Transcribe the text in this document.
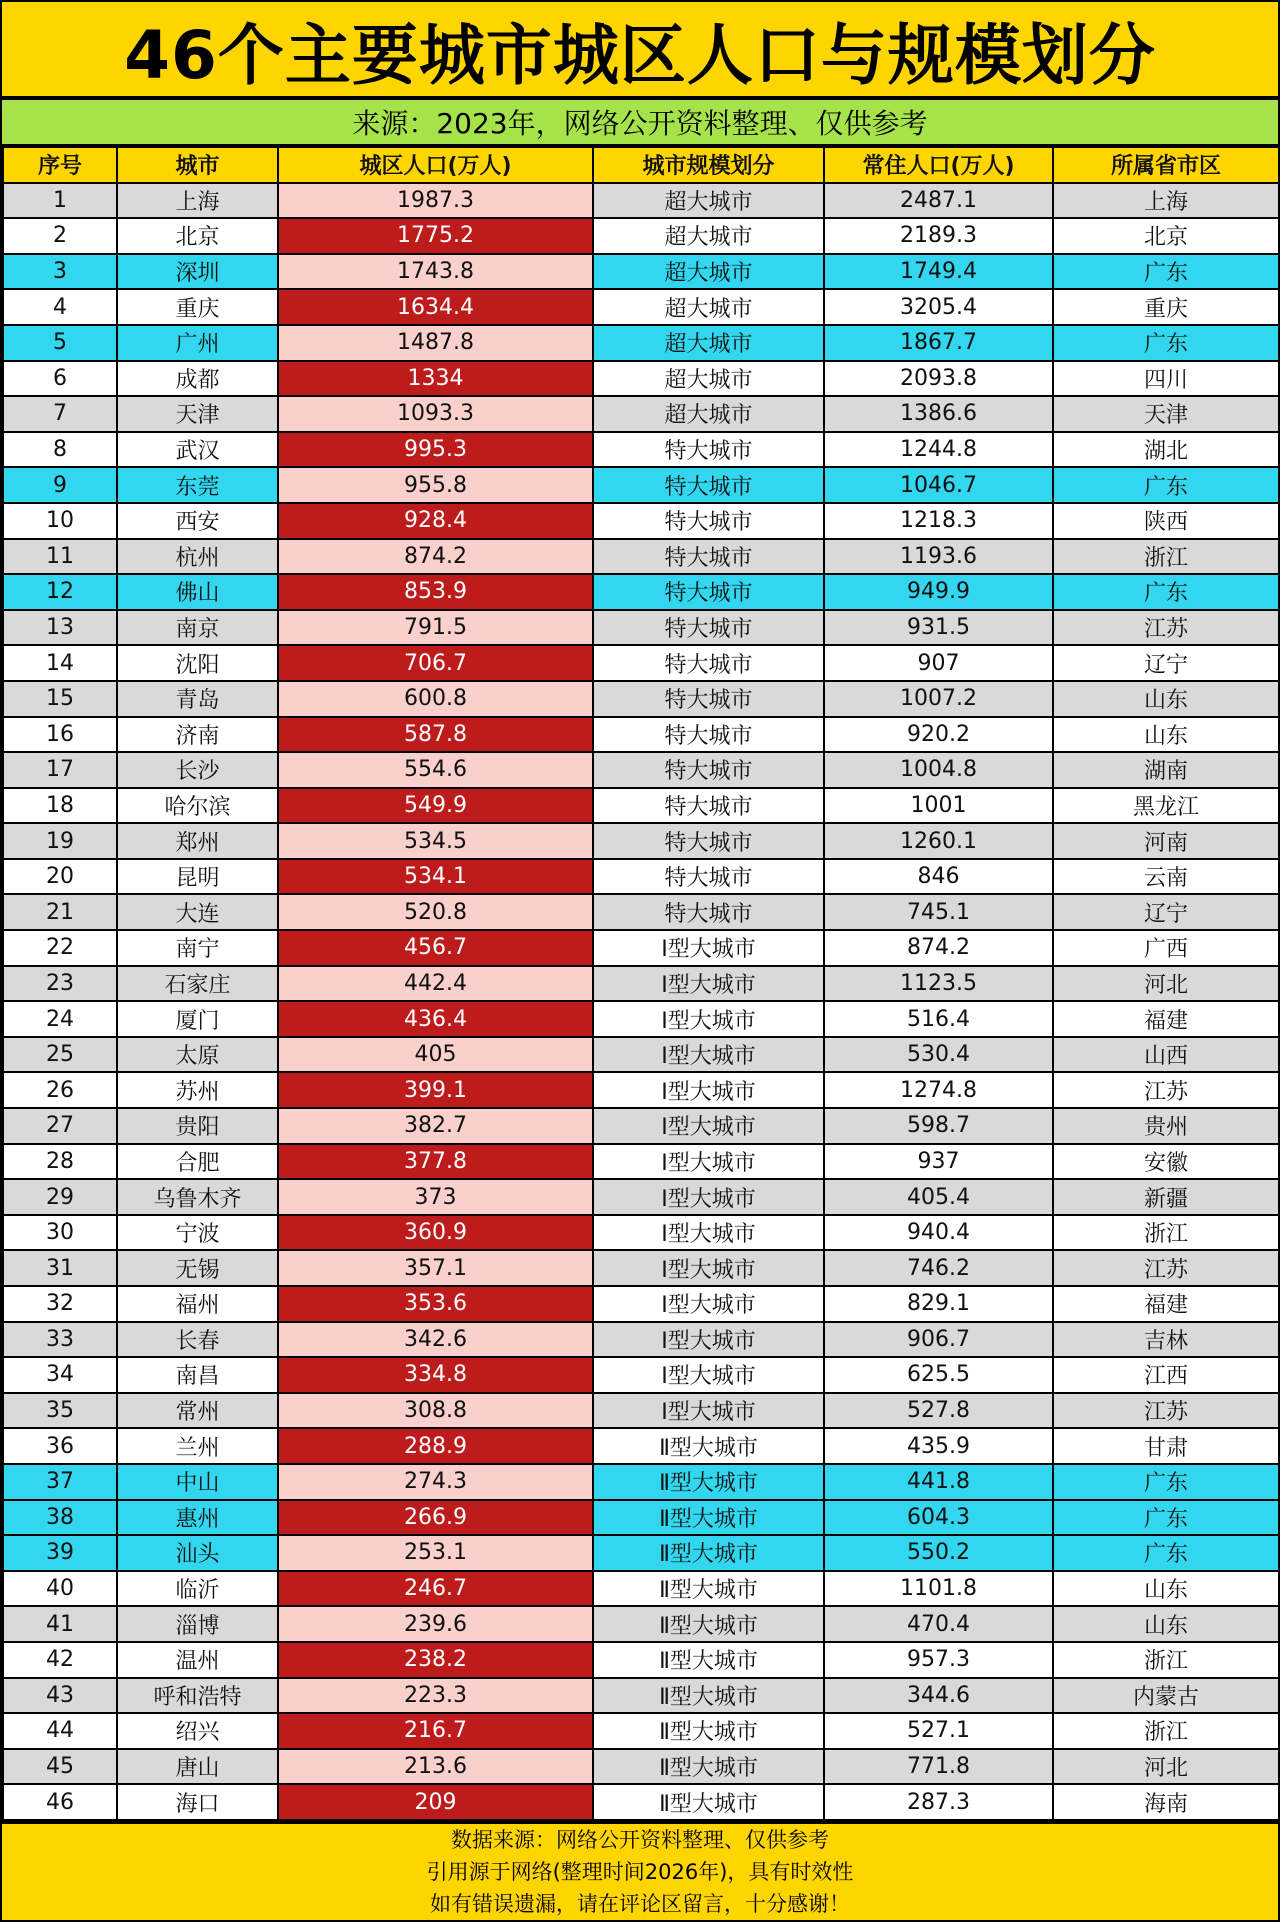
46个主要城市城区人口与规模划分
来源：2023年，网络公开资料整理、仅供参考
序号	城市	城区人口(万人)	城市规模划分	常住人口(万人)	所属省市区
1	上海	1987.3	超大城市	2487.1	上海
2	北京	1775.2	超大城市	2189.3	北京
3	深圳	1743.8	超大城市	1749.4	广东
4	重庆	1634.4	超大城市	3205.4	重庆
5	广州	1487.8	超大城市	1867.7	广东
6	成都	1334	超大城市	2093.8	四川
7	天津	1093.3	超大城市	1386.6	天津
8	武汉	995.3	特大城市	1244.8	湖北
9	东莞	955.8	特大城市	1046.7	广东
10	西安	928.4	特大城市	1218.3	陕西
11	杭州	874.2	特大城市	1193.6	浙江
12	佛山	853.9	特大城市	949.9	广东
13	南京	791.5	特大城市	931.5	江苏
14	沈阳	706.7	特大城市	907	辽宁
15	青岛	600.8	特大城市	1007.2	山东
16	济南	587.8	特大城市	920.2	山东
17	长沙	554.6	特大城市	1004.8	湖南
18	哈尔滨	549.9	特大城市	1001	黑龙江
19	郑州	534.5	特大城市	1260.1	河南
20	昆明	534.1	特大城市	846	云南
21	大连	520.8	特大城市	745.1	辽宁
22	南宁	456.7	Ⅰ型大城市	874.2	广西
23	石家庄	442.4	Ⅰ型大城市	1123.5	河北
24	厦门	436.4	Ⅰ型大城市	516.4	福建
25	太原	405	Ⅰ型大城市	530.4	山西
26	苏州	399.1	Ⅰ型大城市	1274.8	江苏
27	贵阳	382.7	Ⅰ型大城市	598.7	贵州
28	合肥	377.8	Ⅰ型大城市	937	安徽
29	乌鲁木齐	373	Ⅰ型大城市	405.4	新疆
30	宁波	360.9	Ⅰ型大城市	940.4	浙江
31	无锡	357.1	Ⅰ型大城市	746.2	江苏
32	福州	353.6	Ⅰ型大城市	829.1	福建
33	长春	342.6	Ⅰ型大城市	906.7	吉林
34	南昌	334.8	Ⅰ型大城市	625.5	江西
35	常州	308.8	Ⅰ型大城市	527.8	江苏
36	兰州	288.9	Ⅱ型大城市	435.9	甘肃
37	中山	274.3	Ⅱ型大城市	441.8	广东
38	惠州	266.9	Ⅱ型大城市	604.3	广东
39	汕头	253.1	Ⅱ型大城市	550.2	广东
40	临沂	246.7	Ⅱ型大城市	1101.8	山东
41	淄博	239.6	Ⅱ型大城市	470.4	山东
42	温州	238.2	Ⅱ型大城市	957.3	浙江
43	呼和浩特	223.3	Ⅱ型大城市	344.6	内蒙古
44	绍兴	216.7	Ⅱ型大城市	527.1	浙江
45	唐山	213.6	Ⅱ型大城市	771.8	河北
46	海口	209	Ⅱ型大城市	287.3	海南
数据来源：网络公开资料整理、仅供参考
引用源于网络(整理时间2026年)，具有时效性
如有错误遗漏，请在评论区留言，十分感谢！
